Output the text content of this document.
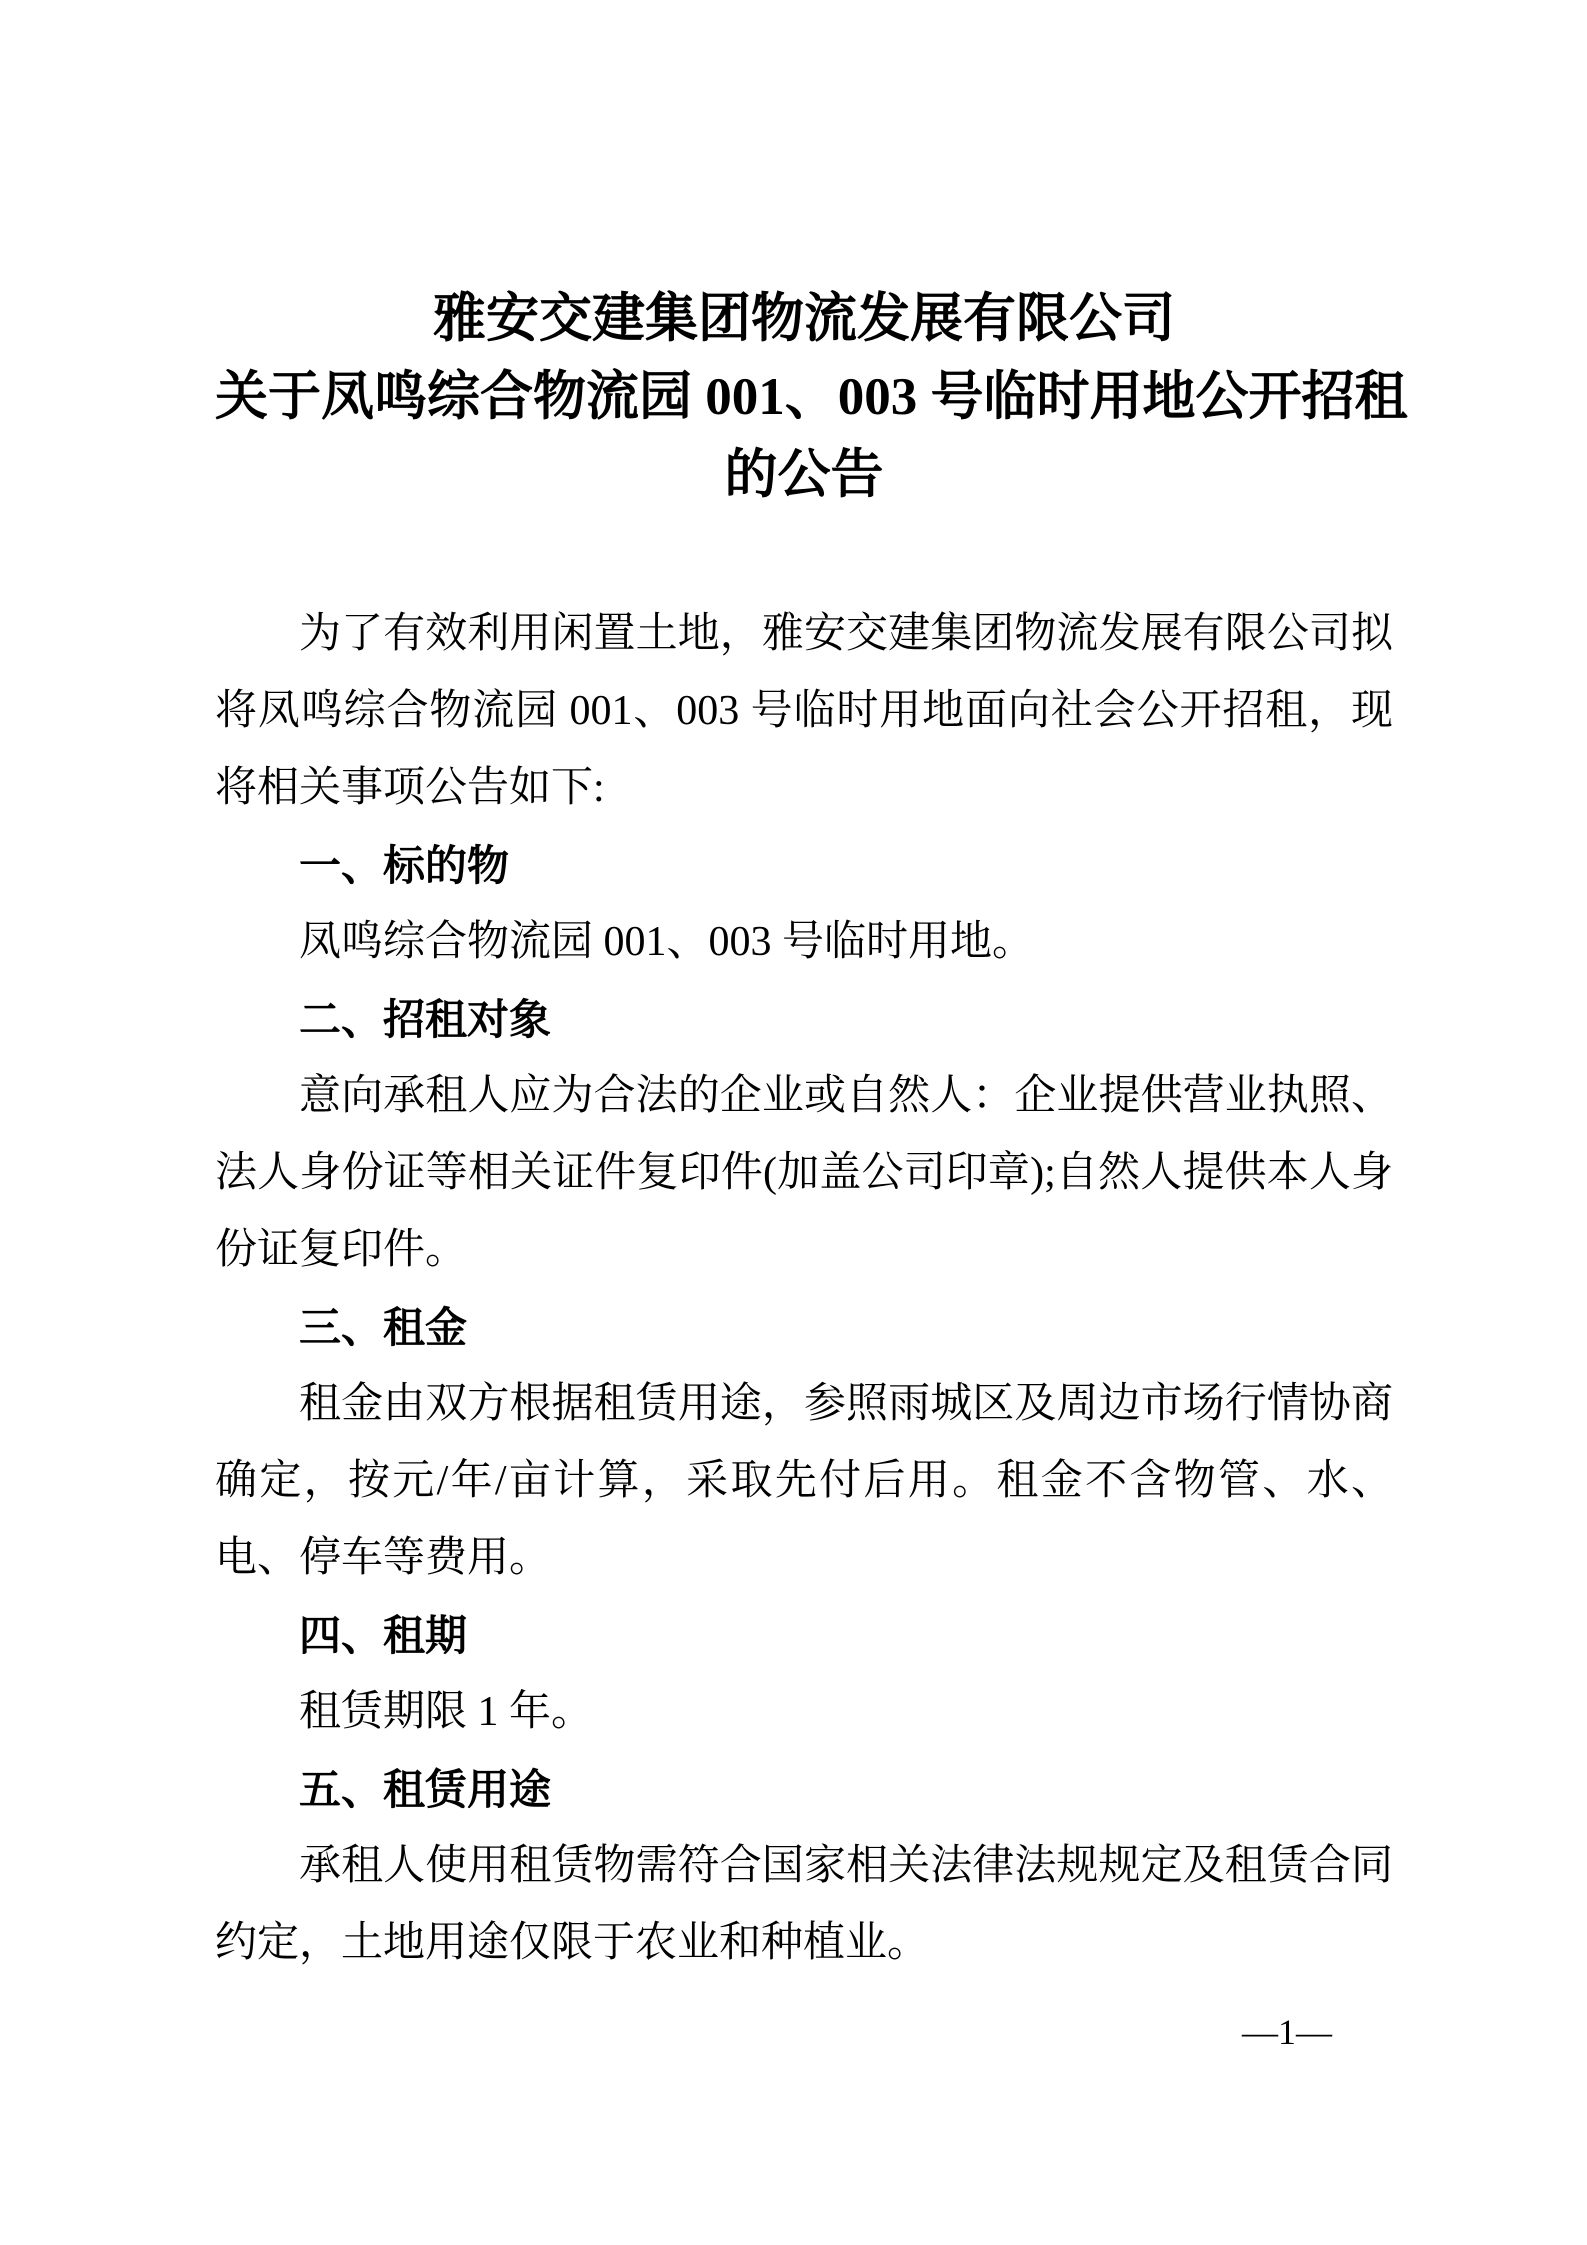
雅安交建集团物流发展有限公司
关于凤鸣综合物流园 001、003 号临时用地公开招租
的公告

为了有效利用闲置土地，雅安交建集团物流发展有限公司拟将凤鸣综合物流园 001、003 号临时用地面向社会公开招租，现将相关事项公告如下:

一、标的物

凤鸣综合物流园 001、003 号临时用地。

二、招租对象

意向承租人应为合法的企业或自然人：企业提供营业执照、法人身份证等相关证件复印件(加盖公司印章);自然人提供本人身份证复印件。

三、租金

租金由双方根据租赁用途，参照雨城区及周边市场行情协商确定，按元/年/亩计算，采取先付后用。租金不含物管、水、电、停车等费用。

四、租期

租赁期限 1 年。

五、租赁用途

承租人使用租赁物需符合国家相关法律法规规定及租赁合同约定，土地用途仅限于农业和种植业。

—1—
